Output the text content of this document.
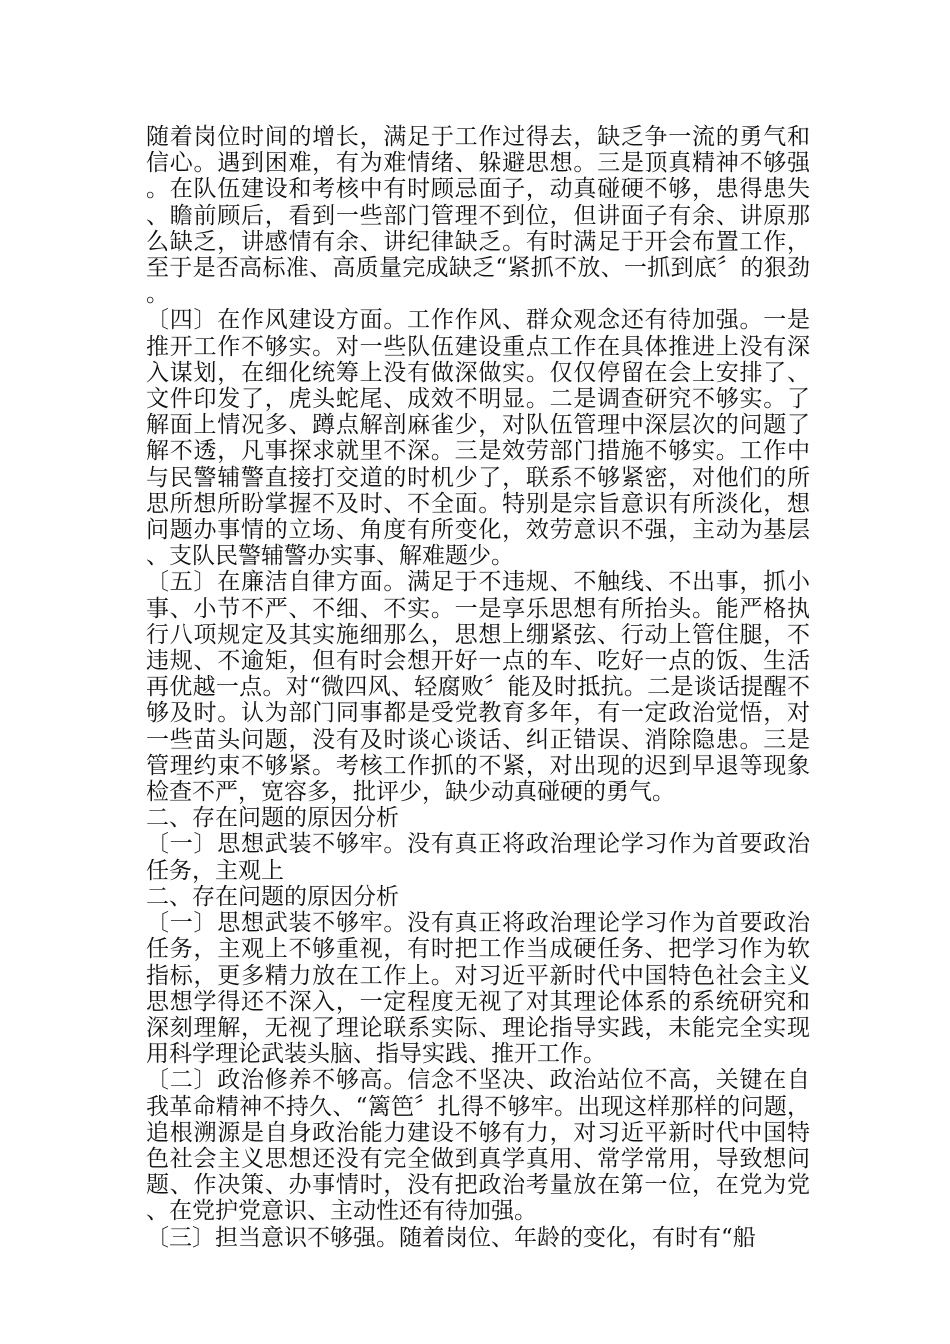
随着岗位时间的增长，满足于工作过得去，缺乏争一流的勇气和信心。遇到困难，有为难情绪、躲避思想。三是顶真精神不够强。在队伍建设和考核中有时顾忌面子，动真碰硬不够，患得患失、瞻前顾后，看到一些部门管理不到位，但讲面子有余、讲原那么缺乏，讲感情有余、讲纪律缺乏。有时满足于开会布置工作，至于是否高标准、高质量完成缺乏“紧抓不放、一抓到底〞的狠劲。

〔四〕在作风建设方面。工作作风、群众观念还有待加强。一是推开工作不够实。对一些队伍建设重点工作在具体推进上没有深入谋划，在细化统筹上没有做深做实。仅仅停留在会上安排了、文件印发了，虎头蛇尾、成效不明显。二是调查研究不够实。了解面上情况多、蹲点解剖麻雀少，对队伍管理中深层次的问题了解不透，凡事探求就里不深。三是效劳部门措施不够实。工作中与民警辅警直接打交道的时机少了，联系不够紧密，对他们的所思所想所盼掌握不及时、不全面。特别是宗旨意识有所淡化，想问题办事情的立场、角度有所变化，效劳意识不强，主动为基层、支队民警辅警办实事、解难题少。

〔五〕在廉洁自律方面。满足于不违规、不触线、不出事，抓小事、小节不严、不细、不实。一是享乐思想有所抬头。能严格执行八项规定及其实施细那么，思想上绷紧弦、行动上管住腿，不违规、不逾矩，但有时会想开好一点的车、吃好一点的饭、生活再优越一点。对“微四风、轻腐败〞能及时抵抗。二是谈话提醒不够及时。认为部门同事都是受党教育多年，有一定政治觉悟，对一些苗头问题，没有及时谈心谈话、纠正错误、消除隐患。三是管理约束不够紧。考核工作抓的不紧，对出现的迟到早退等现象检查不严，宽容多，批评少，缺少动真碰硬的勇气。

二、存在问题的原因分析

〔一〕思想武装不够牢。没有真正将政治理论学习作为首要政治任务，主观上

二、存在问题的原因分析

〔一〕思想武装不够牢。没有真正将政治理论学习作为首要政治任务，主观上不够重视，有时把工作当成硬任务、把学习作为软指标，更多精力放在工作上。对习近平新时代中国特色社会主义思想学得还不深入，一定程度无视了对其理论体系的系统研究和深刻理解，无视了理论联系实际、理论指导实践，未能完全实现用科学理论武装头脑、指导实践、推开工作。

〔二〕政治修养不够高。信念不坚决、政治站位不高，关键在自我革命精神不持久、“篱笆〞扎得不够牢。出现这样那样的问题，追根溯源是自身政治能力建设不够有力，对习近平新时代中国特色社会主义思想还没有完全做到真学真用、常学常用，导致想问题、作决策、办事情时，没有把政治考量放在第一位，在党为党、在党护党意识、主动性还有待加强。

〔三〕担当意识不够强。随着岗位、年龄的变化，有时有“船
